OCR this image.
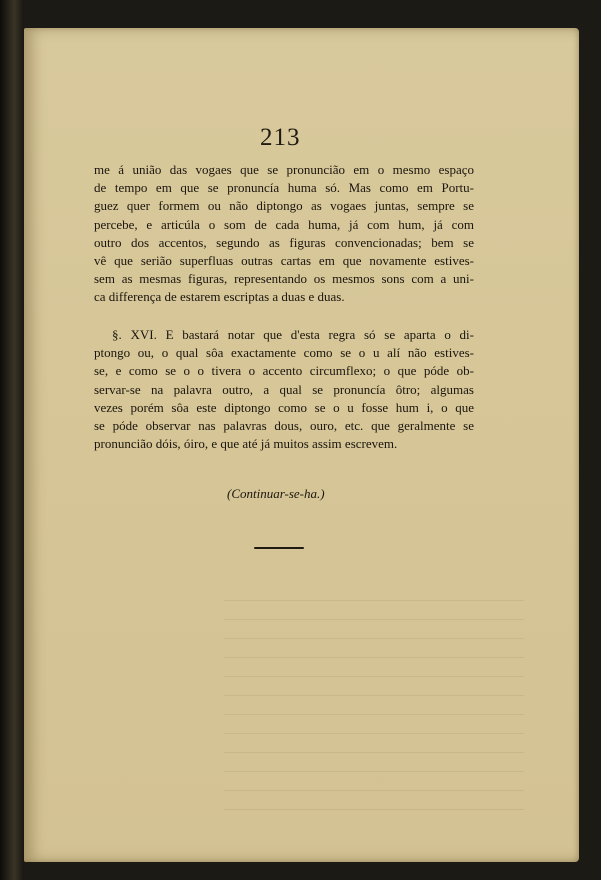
213
me á união das vogaes que se pronuncião em o mesmo espaço
de tempo em que se pronuncía huma só. Mas como em Portu-
guez quer formem ou não diptongo as vogaes juntas, sempre se
percebe, e articúla o som de cada huma, já com hum, já com
outro dos accentos, segundo as figuras convencionadas; bem se
vê que serião superfluas outras cartas em que novamente estives-
sem as mesmas figuras, representando os mesmos sons com a uni-
ca differença de estarem escriptas a duas e duas.
§. XVI. E bastará notar que d'esta regra só se aparta o di-
ptongo ou, o qual sôa exactamente como se o u alí não estives-
se, e como se o o tivera o accento circumflexo; o que póde ob-
servar-se na palavra outro, a qual se pronuncía ôtro; algumas
vezes porém sôa este diptongo como se o u fosse hum i, o que
se póde observar nas palavras dous, ouro, etc. que geralmente se
pronuncião dóis, óiro, e que até já muitos assim escrevem.
(Continuar-se-ha.)
